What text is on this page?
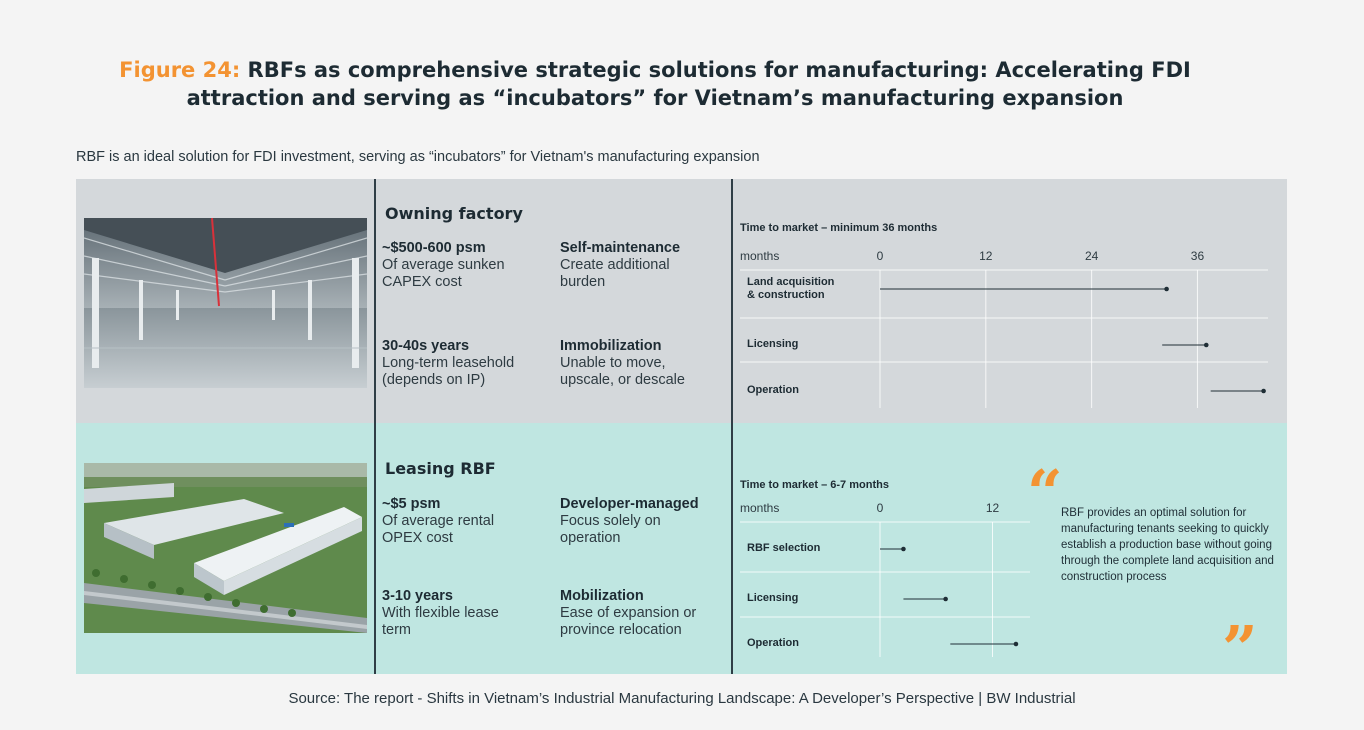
Figure 24: RBFs as comprehensive strategic solutions for manufacturing: Accelerating FDI
attraction and serving as “incubators” for Vietnam’s manufacturing expansion
RBF is an ideal solution for FDI investment, serving as “incubators” for Vietnam's manufacturing expansion
Owning factory
~$500-600 psm
Of average sunken
CAPEX cost
Self-maintenance
Create additional
burden
30-40s years
Long-term leasehold
(depends on IP)
Immobilization
Unable to move,
upscale, or descale
Leasing RBF
~$5 psm
Of average rental
OPEX cost
Developer-managed
Focus solely on
operation
3-10 years
With flexible lease
term
Mobilization
Ease of expansion or
province relocation
Time to market – minimum 36 months
months	0	12	24	36
Land acquisition
& construction
Licensing
Operation
Time to market – 6-7 months
months	0	12
RBF selection
Licensing
Operation
“
RBF provides an optimal solution for manufacturing tenants seeking to quickly establish a production base without going through the complete land acquisition and construction process
”
Source: The report - Shifts in Vietnam’s Industrial Manufacturing Landscape: A Developer’s Perspective | BW Industrial
